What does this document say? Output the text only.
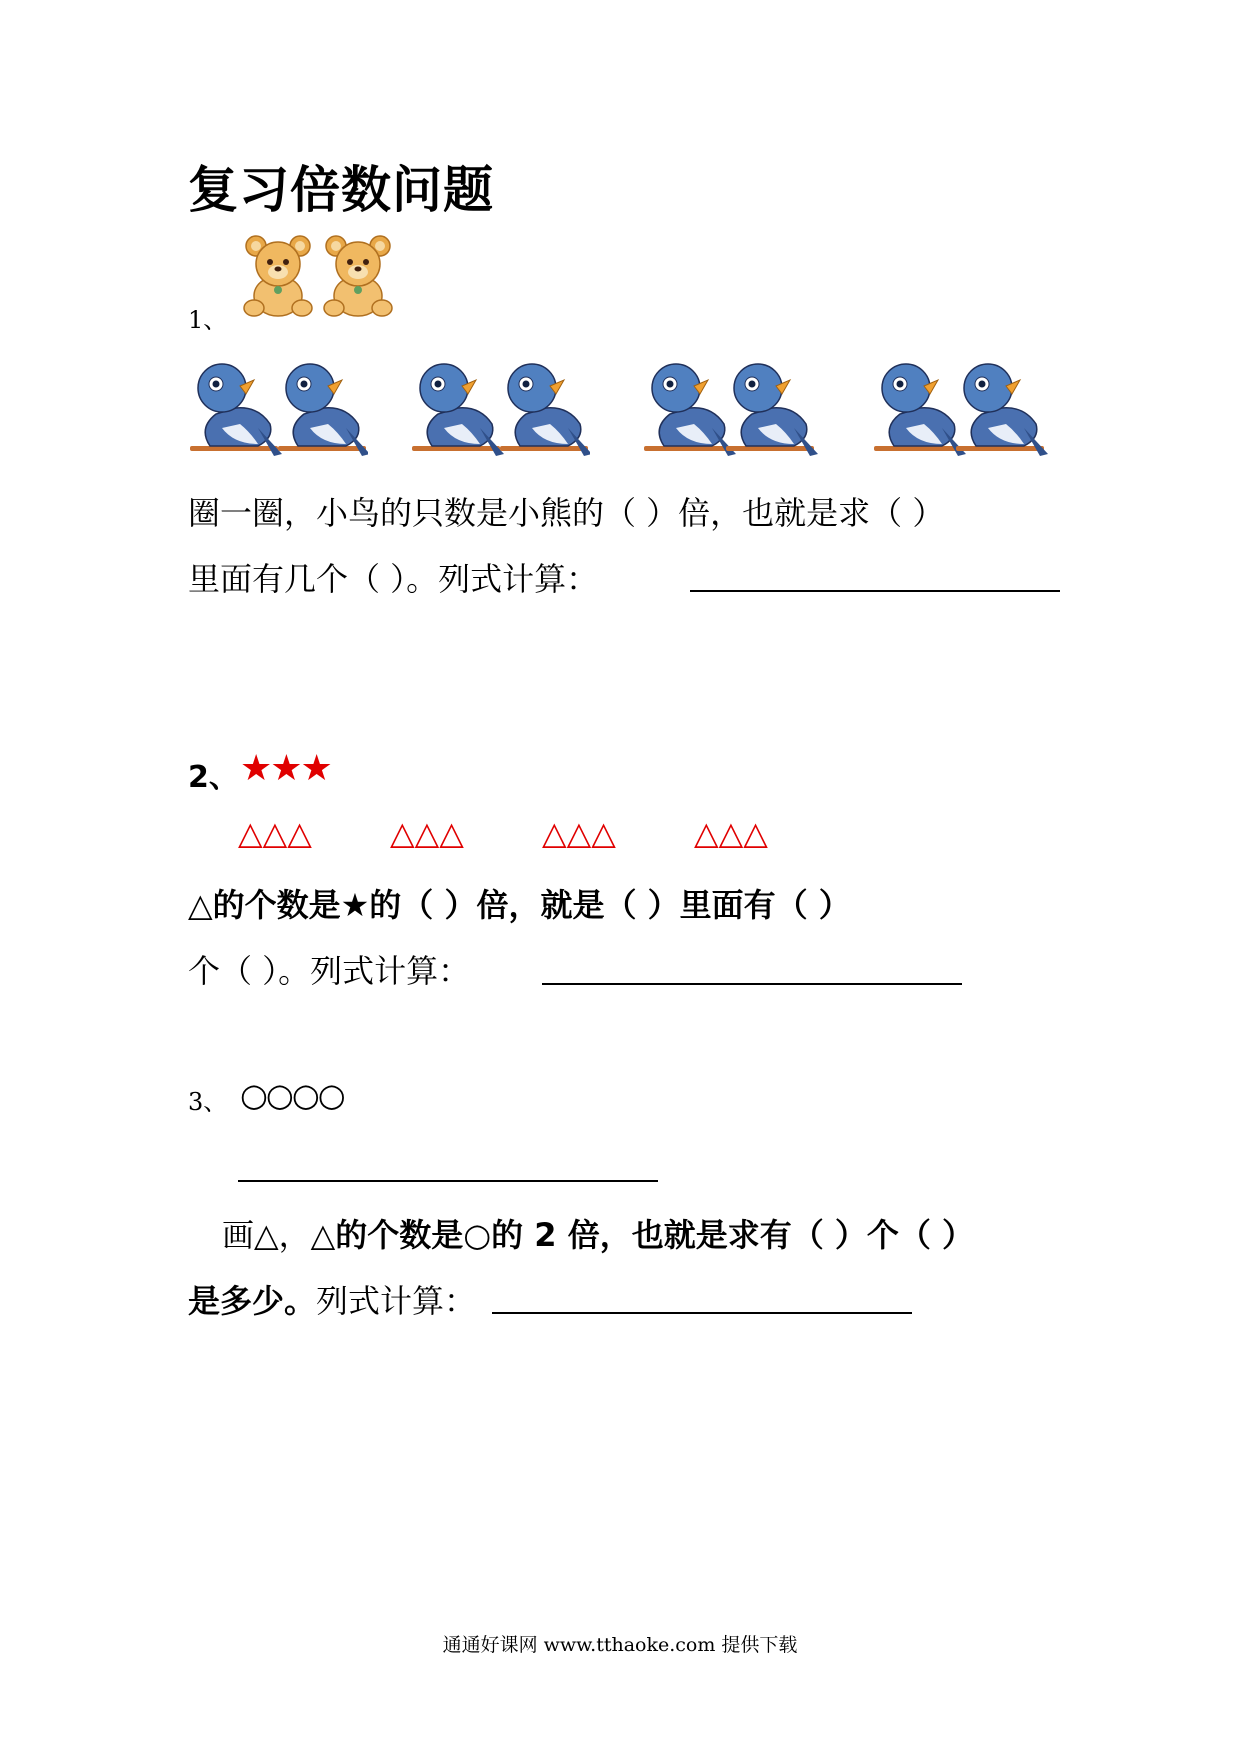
复习倍数问题
1、
圈一圈，小鸟的只数是小熊的（ ）倍，也就是求（ ）
里面有几个（ ）。列式计算：
2、 ★★★
△△△ △△△ △△△ △△△
△的个数是★的（ ）倍，就是（ ）里面有（ ）
个（ ）。列式计算：
3、 ○○○○
画△，△的个数是○的 2 倍，也就是求有（ ）个（ ）
是多少。列式计算：
通通好课网 www.tthaoke.com 提供下载
